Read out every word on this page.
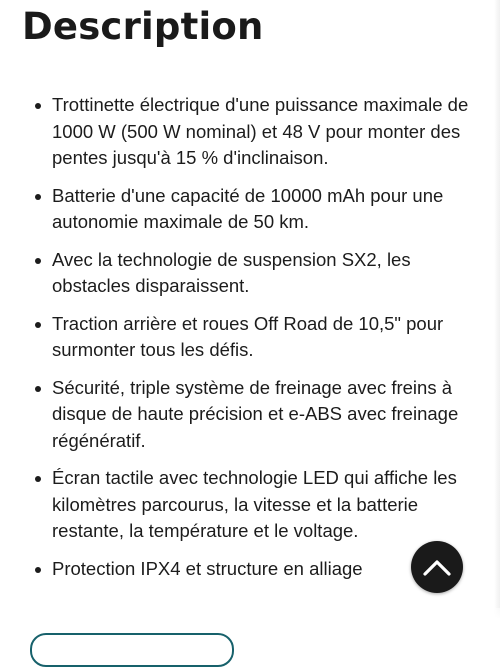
Description
Trottinette électrique d'une puissance maximale de 1000 W (500 W nominal) et 48 V pour monter des pentes jusqu'à 15 % d'inclinaison.
Batterie d'une capacité de 10000 mAh pour une autonomie maximale de 50 km.
Avec la technologie de suspension SX2, les obstacles disparaissent.
Traction arrière et roues Off Road de 10,5" pour surmonter tous les défis.
Sécurité, triple système de freinage avec freins à disque de haute précision et e-ABS avec freinage régénératif.
Écran tactile avec technologie LED qui affiche les kilomètres parcourus, la vitesse et la batterie restante, la température et le voltage.
Protection IPX4 et structure en alliage
